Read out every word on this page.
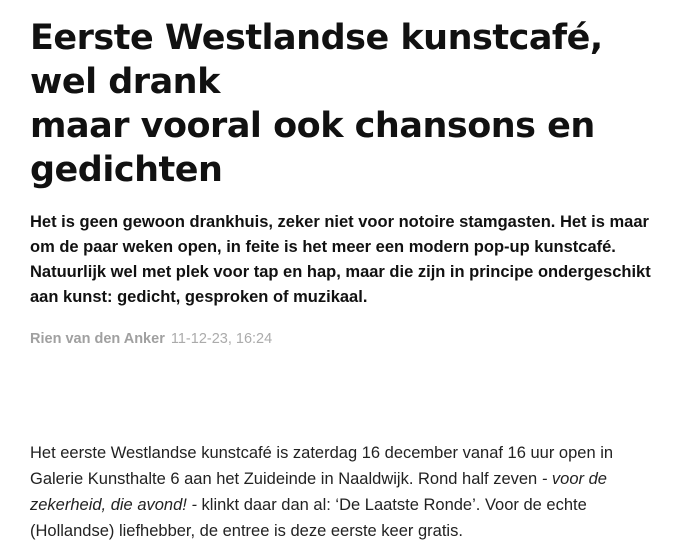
Eerste Westlandse kunstcafé, wel drank
maar vooral ook chansons en gedichten

Het is geen gewoon drankhuis, zeker niet voor notoire stamgasten. Het is maar om de paar weken open, in feite is het meer een modern pop-up kunstcafé. Natuurlijk wel met plek voor tap en hap, maar die zijn in principe ondergeschikt aan kunst: gedicht, gesproken of muzikaal.

Rien van den Anker 11-12-23, 16:24

Het eerste Westlandse kunstcafé is zaterdag 16 december vanaf 16 uur open in Galerie Kunsthalte 6 aan het Zuideinde in Naaldwijk. Rond half zeven - voor de zekerheid, die avond! - klinkt daar dan al: ‘De Laatste Ronde’. Voor de echte (Hollandse) liefhebber, de entree is deze eerste keer gratis.
